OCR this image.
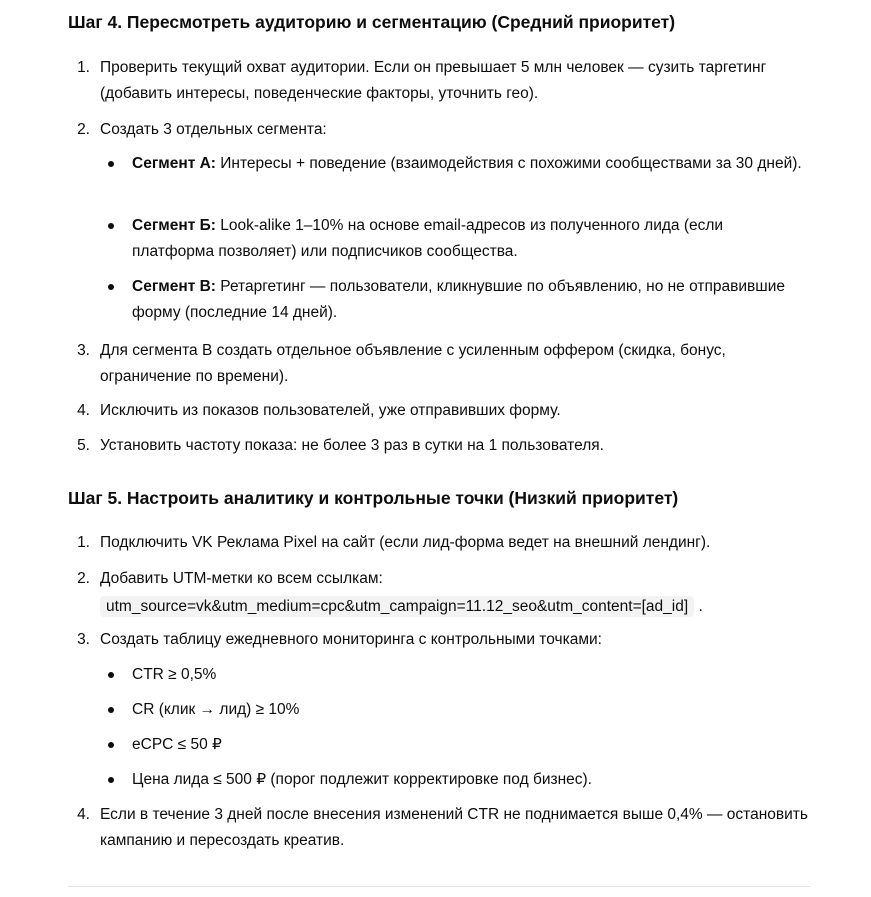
Шаг 4. Пересмотреть аудиторию и сегментацию (Средний приоритет)
1. Проверить текущий охват аудитории. Если он превышает 5 млн человек — сузить таргетинг (добавить интересы, поведенческие факторы, уточнить гео).
2. Создать 3 отдельных сегмента:
Сегмент А: Интересы + поведение (взаимодействия с похожими сообществами за 30 дней).
Сегмент Б: Look-alike 1–10% на основе email-адресов из полученного лида (если платформа позволяет) или подписчиков сообщества.
Сегмент В: Ретаргетинг — пользователи, кликнувшие по объявлению, но не отправившие форму (последние 14 дней).
3. Для сегмента В создать отдельное объявление с усиленным оффером (скидка, бонус, ограничение по времени).
4. Исключить из показов пользователей, уже отправивших форму.
5. Установить частоту показа: не более 3 раз в сутки на 1 пользователя.
Шаг 5. Настроить аналитику и контрольные точки (Низкий приоритет)
1. Подключить VK Реклама Pixel на сайт (если лид-форма ведет на внешний лендинг).
2. Добавить UTM-метки ко всем ссылкам:
utm_source=vk&utm_medium=cpc&utm_campaign=11.12_seo&utm_content=[ad_id] .
3. Создать таблицу ежедневного мониторинга с контрольными точками:
CTR ≥ 0,5%
CR (клик → лид) ≥ 10%
eCPC ≤ 50 ₽
Цена лида ≤ 500 ₽ (порог подлежит корректировке под бизнес).
4. Если в течение 3 дней после внесения изменений CTR не поднимается выше 0,4% — остановить кампанию и пересоздать креатив.
